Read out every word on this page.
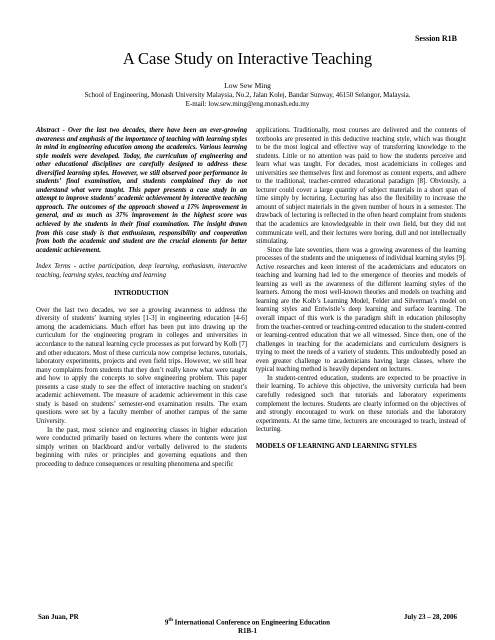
Session R1B
A Case Study on Interactive Teaching
Low Sew Ming
School of Engineering, Monash University Malaysia, No.2, Jalan Kolej, Bandar Sunway, 46150 Selangor, Malaysia.
E-mail: low.sew.ming@eng.monash.edu.my

Abstract - Over the last two decades, there have been an ever-growing awareness and emphasis of the importance of teaching with learning styles in mind in engineering education among the academics. Various learning style models were developed. Today, the curriculum of engineering and other educational disciplines are carefully designed to address these diversified learning styles. However, we still observed poor performance in students’ final examination, and students complained they do not understand what were taught. This paper presents a case study in an attempt to improve students’ academic achievement by interactive teaching approach. The outcomes of the approach showed a 17% improvement in general, and as much as 37% improvement in the highest score was achieved by the students in their final examination. The insight drawn from this case study is that enthusiasm, responsibility and cooperation from both the academic and student are the crucial elements for better academic achievement.

Index Terms - active participation, deep learning, enthusiasm, interactive teaching, learning styles, teaching and learning

INTRODUCTION

Over the last two decades, we see a growing awareness to address the diversity of students’ learning styles [1-3] in engineering education [4-6] among the academicians. Much effort has been put into drawing up the curriculum for the engineering program in colleges and universities in accordance to the natural learning cycle processes as put forward by Kolb [7] and other educators. Most of these curricula now comprise lectures, tutorials, laboratory experiments, projects and even field trips. However, we still hear many complaints from students that they don’t really know what were taught and how to apply the concepts to solve engineering problem. This paper presents a case study to see the effect of interactive teaching on student’s academic achievement. The measure of academic achievement in this case study is based on students’ semester-end examination results. The exam questions were set by a faculty member of another campus of the same University.

In the past, most science and engineering classes in higher education were conducted primarily based on lectures where the contents were just simply written on blackboard and/or verbally delivered to the students beginning with rules or principles and governing equations and then proceeding to deduce consequences or resulting phenomena and specific

applications. Traditionally, most courses are delivered and the contents of textbooks are presented in this deductive teaching style, which was thought to be the most logical and effective way of transferring knowledge to the students. Little or no attention was paid to how the students perceive and learn what was taught. For decades, most academicians in colleges and universities see themselves first and foremost as content experts, and adhere to the traditional, teacher-centred educational paradigm [8]. Obviously, a lecturer could cover a large quantity of subject materials in a short span of time simply by lecturing. Lecturing has also the flexibility to increase the amount of subject materials in the given number of hours in a semester. The drawback of lecturing is reflected in the often heard complaint from students that the academics are knowledgeable in their own field, but they did not communicate well, and their lectures were boring, dull and not intellectually stimulating.

Since the late seventies, there was a growing awareness of the learning processes of the students and the uniqueness of individual learning styles [9]. Active researches and keen interest of the academicians and educators on teaching and learning had led to the emergence of theories and models of learning as well as the awareness of the different learning styles of the learners. Among the most well-known theories and models on teaching and learning are the Kolb’s Learning Model, Felder and Silverman’s model on learning styles and Entwistle’s deep learning and surface learning. The overall impact of this work is the paradigm shift in education philosophy from the teacher-centred or teaching-centred education to the student-centred or learning-centred education that we all witnessed. Since then, one of the challenges in teaching for the academicians and curriculum designers is trying to meet the needs of a variety of students. This undoubtedly posed an even greater challenge to academicians having large classes, where the typical teaching method is heavily dependent on lectures.

In student-centred education, students are expected to be proactive in their learning. To achieve this objective, the university curricula had been carefully redesigned such that tutorials and laboratory experiments complement the lectures. Students are clearly informed on the objectives of and strongly encouraged to work on these tutorials and the laboratory experiments. At the same time, lecturers are encouraged to teach, instead of lecturing.

MODELS OF LEARNING AND LEARNING STYLES

San Juan, PR	July 23 – 28, 2006
9th International Conference on Engineering Education
R1B-1
